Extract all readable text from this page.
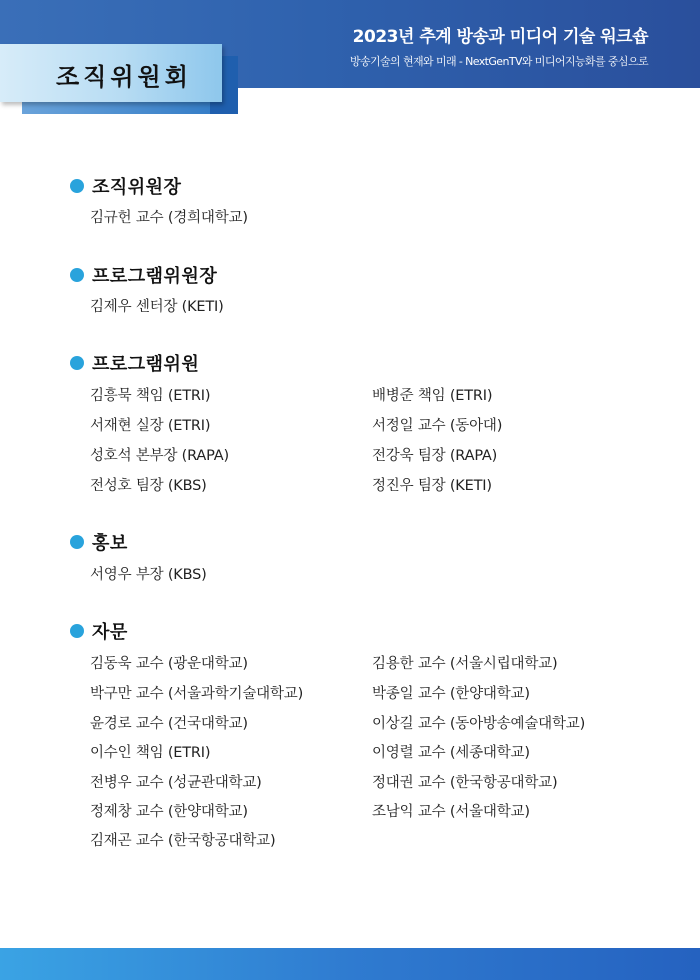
2023년 추계 방송과 미디어 기술 워크숍
방송기술의 현재와 미래 - NextGenTV와 미디어지능화를 중심으로
조직위원회
조직위원장
김규헌 교수 (경희대학교)
프로그램위원장
김제우 센터장 (KETI)
프로그램위원
김흥묵 책임 (ETRI)	배병준 책임 (ETRI)
서재현 실장 (ETRI)	서정일 교수 (동아대)
성호석 본부장 (RAPA)	전강욱 팀장 (RAPA)
전성호 팀장 (KBS)	정진우 팀장 (KETI)
홍보
서영우 부장 (KBS)
자문
김동욱 교수 (광운대학교)	김용한 교수 (서울시립대학교)
박구만 교수 (서울과학기술대학교)	박종일 교수 (한양대학교)
윤경로 교수 (건국대학교)	이상길 교수 (동아방송예술대학교)
이수인 책임 (ETRI)	이영렬 교수 (세종대학교)
전병우 교수 (성균관대학교)	정대권 교수 (한국항공대학교)
정제창 교수 (한양대학교)	조남익 교수 (서울대학교)
김재곤 교수 (한국항공대학교)
